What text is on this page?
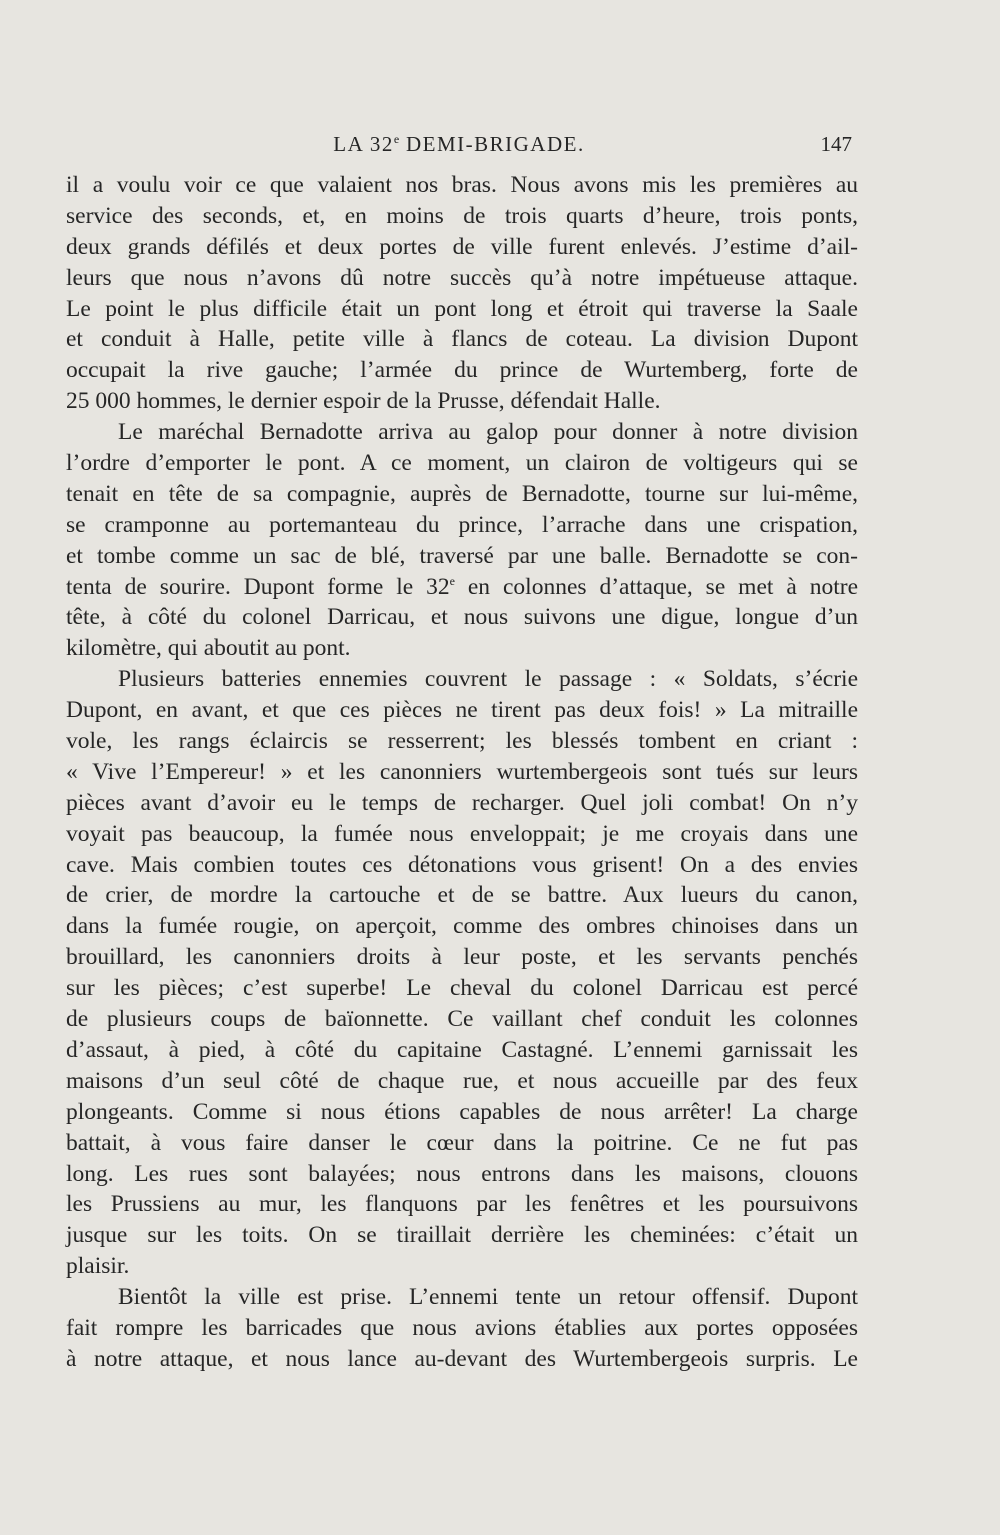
LA 32e DEMI-BRIGADE.	147
il a voulu voir ce que valaient nos bras. Nous avons mis les premières au
service des seconds, et, en moins de trois quarts d’heure, trois ponts,
deux grands défilés et deux portes de ville furent enlevés. J’estime d’ail-
leurs que nous n’avons dû notre succès qu’à notre impétueuse attaque.
Le point le plus difficile était un pont long et étroit qui traverse la Saale
et conduit à Halle, petite ville à flancs de coteau. La division Dupont
occupait la rive gauche; l’armée du prince de Wurtemberg, forte de
25 000 hommes, le dernier espoir de la Prusse, défendait Halle.
Le maréchal Bernadotte arriva au galop pour donner à notre division
l’ordre d’emporter le pont. A ce moment, un clairon de voltigeurs qui se
tenait en tête de sa compagnie, auprès de Bernadotte, tourne sur lui-même,
se cramponne au portemanteau du prince, l’arrache dans une crispation,
et tombe comme un sac de blé, traversé par une balle. Bernadotte se con-
tenta de sourire. Dupont forme le 32e en colonnes d’attaque, se met à notre
tête, à côté du colonel Darricau, et nous suivons une digue, longue d’un
kilomètre, qui aboutit au pont.
Plusieurs batteries ennemies couvrent le passage : « Soldats, s’écrie
Dupont, en avant, et que ces pièces ne tirent pas deux fois! » La mitraille
vole, les rangs éclaircis se resserrent; les blessés tombent en criant :
« Vive l’Empereur! » et les canonniers wurtembergeois sont tués sur leurs
pièces avant d’avoir eu le temps de recharger. Quel joli combat! On n’y
voyait pas beaucoup, la fumée nous enveloppait; je me croyais dans une
cave. Mais combien toutes ces détonations vous grisent! On a des envies
de crier, de mordre la cartouche et de se battre. Aux lueurs du canon,
dans la fumée rougie, on aperçoit, comme des ombres chinoises dans un
brouillard, les canonniers droits à leur poste, et les servants penchés
sur les pièces; c’est superbe! Le cheval du colonel Darricau est percé
de plusieurs coups de baïonnette. Ce vaillant chef conduit les colonnes
d’assaut, à pied, à côté du capitaine Castagné. L’ennemi garnissait les
maisons d’un seul côté de chaque rue, et nous accueille par des feux
plongeants. Comme si nous étions capables de nous arrêter! La charge
battait, à vous faire danser le cœur dans la poitrine. Ce ne fut pas
long. Les rues sont balayées; nous entrons dans les maisons, clouons
les Prussiens au mur, les flanquons par les fenêtres et les poursuivons
jusque sur les toits. On se tiraillait derrière les cheminées: c’était un
plaisir.
Bientôt la ville est prise. L’ennemi tente un retour offensif. Dupont
fait rompre les barricades que nous avions établies aux portes opposées
à notre attaque, et nous lance au-devant des Wurtembergeois surpris. Le
